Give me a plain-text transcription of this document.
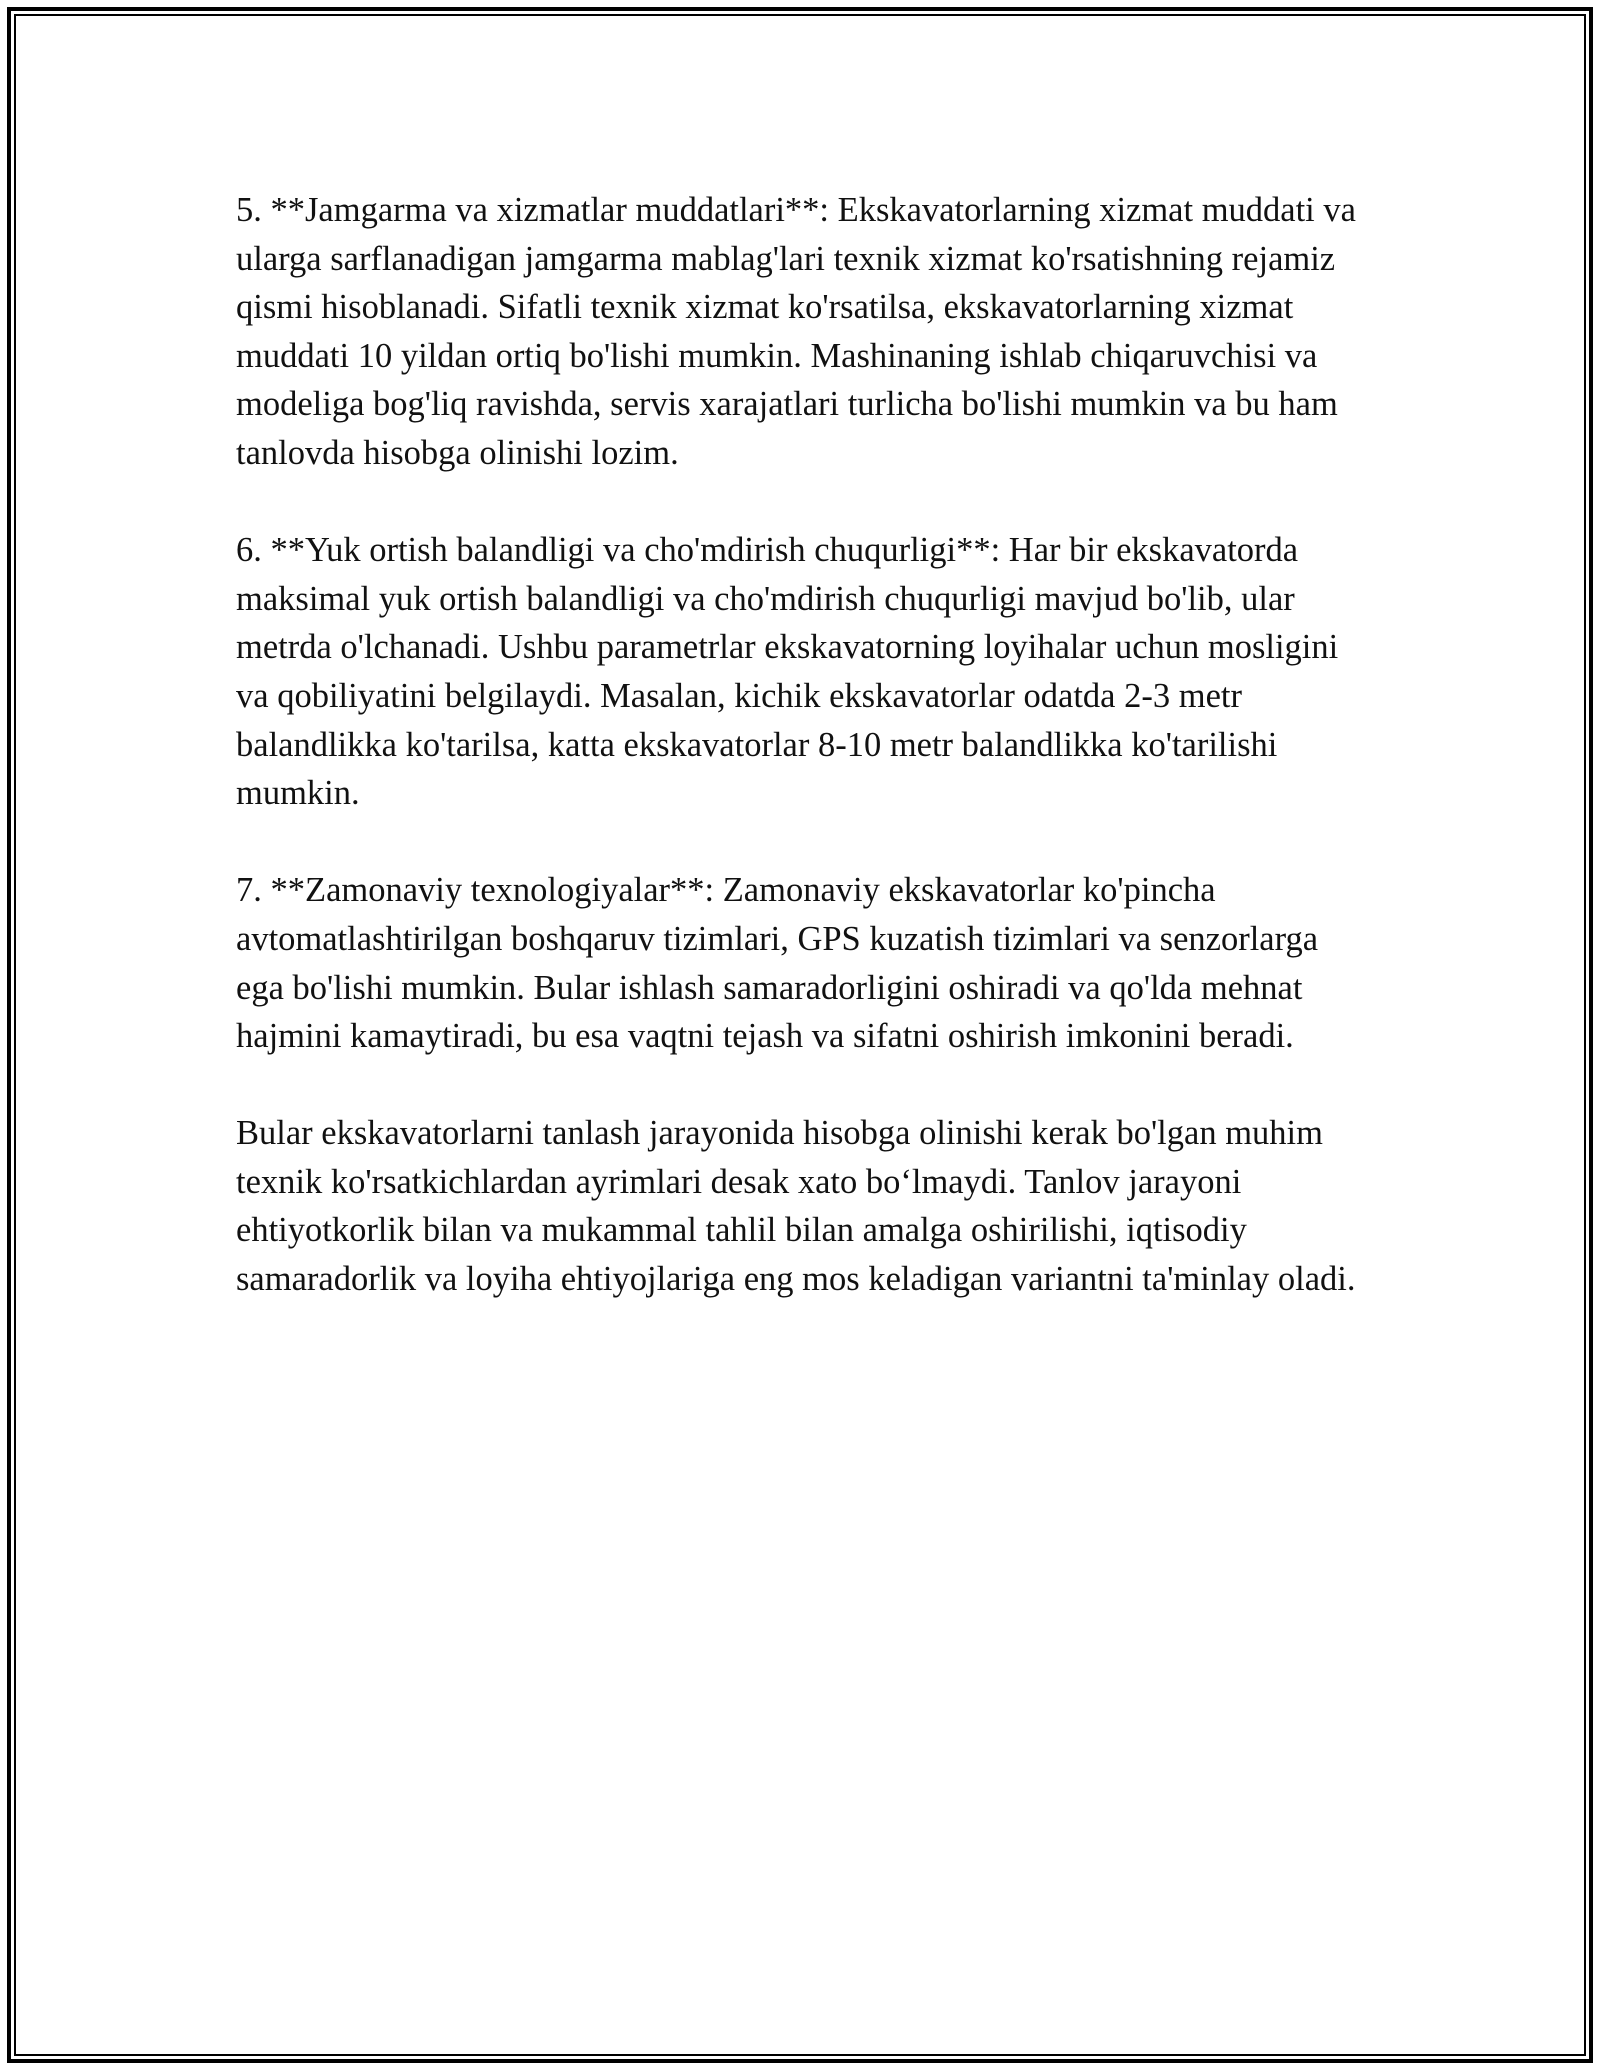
5. **Jamgarma va xizmatlar muddatlari**: Ekskavatorlarning xizmat muddati va ularga sarflanadigan jamgarma mablag'lari texnik xizmat ko'rsatishning rejamiz qismi hisoblanadi. Sifatli texnik xizmat ko'rsatilsa, ekskavatorlarning xizmat muddati 10 yildan ortiq bo'lishi mumkin. Mashinaning ishlab chiqaruvchisi va modeliga bog'liq ravishda, servis xarajatlari turlicha bo'lishi mumkin va bu ham tanlovda hisobga olinishi lozim.

6. **Yuk ortish balandligi va cho'mdirish chuqurligi**: Har bir ekskavatorda maksimal yuk ortish balandligi va cho'mdirish chuqurligi mavjud bo'lib, ular metrda o'lchanadi. Ushbu parametrlar ekskavatorning loyihalar uchun mosligini va qobiliyatini belgilaydi. Masalan, kichik ekskavatorlar odatda 2-3 metr balandlikka ko'tarilsa, katta ekskavatorlar 8-10 metr balandlikka ko'tarilishi mumkin.

7. **Zamonaviy texnologiyalar**: Zamonaviy ekskavatorlar ko'pincha avtomatlashtirilgan boshqaruv tizimlari, GPS kuzatish tizimlari va senzorlarga ega bo'lishi mumkin. Bular ishlash samaradorligini oshiradi va qo'lda mehnat hajmini kamaytiradi, bu esa vaqtni tejash va sifatni oshirish imkonini beradi.

Bular ekskavatorlarni tanlash jarayonida hisobga olinishi kerak bo'lgan muhim texnik ko'rsatkichlardan ayrimlari desak xato bo‘lmaydi. Tanlov jarayoni ehtiyotkorlik bilan va mukammal tahlil bilan amalga oshirilishi, iqtisodiy samaradorlik va loyiha ehtiyojlariga eng mos keladigan variantni ta'minlay oladi.
